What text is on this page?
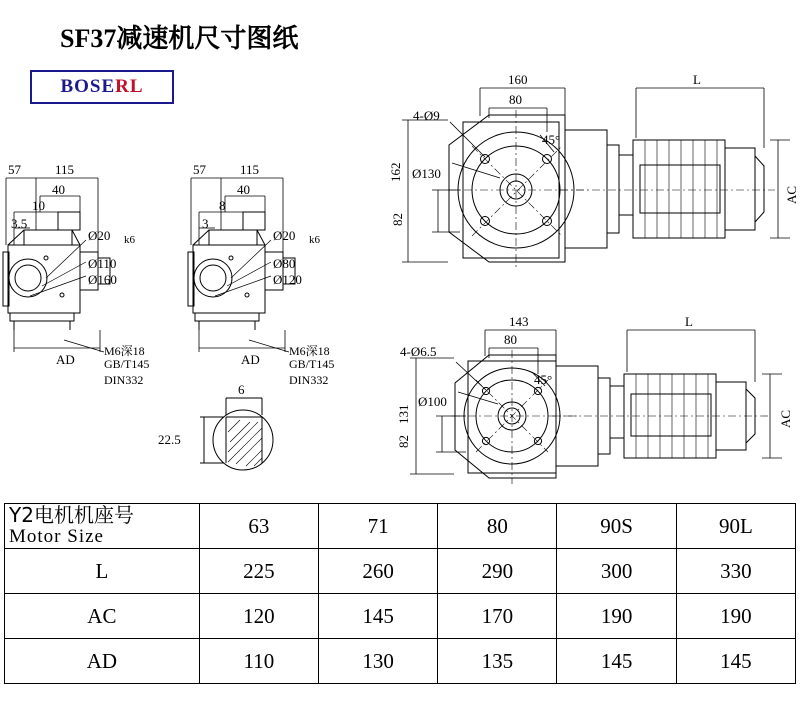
SF37减速机尺寸图纸
BOSERL
57	115
40
10
3.5
Ø20 k6
Ø110
Ø160
AD
M6深18
GB/T145
DIN332
57	115
40
8
3
Ø20 k6
Ø80
Ø120
AD
M6深18
GB/T145
DIN332
6
22.5
160
80
L
4-Ø9
45°
Ø130
162
82
AC
143
80
L
4-Ø6.5
45°
Ø100
131
82
AC
Y2电机机座号
Motor Size	63	71	80	90S	90L
L	225	260	290	300	330
AC	120	145	170	190	190
AD	110	130	135	145	145
